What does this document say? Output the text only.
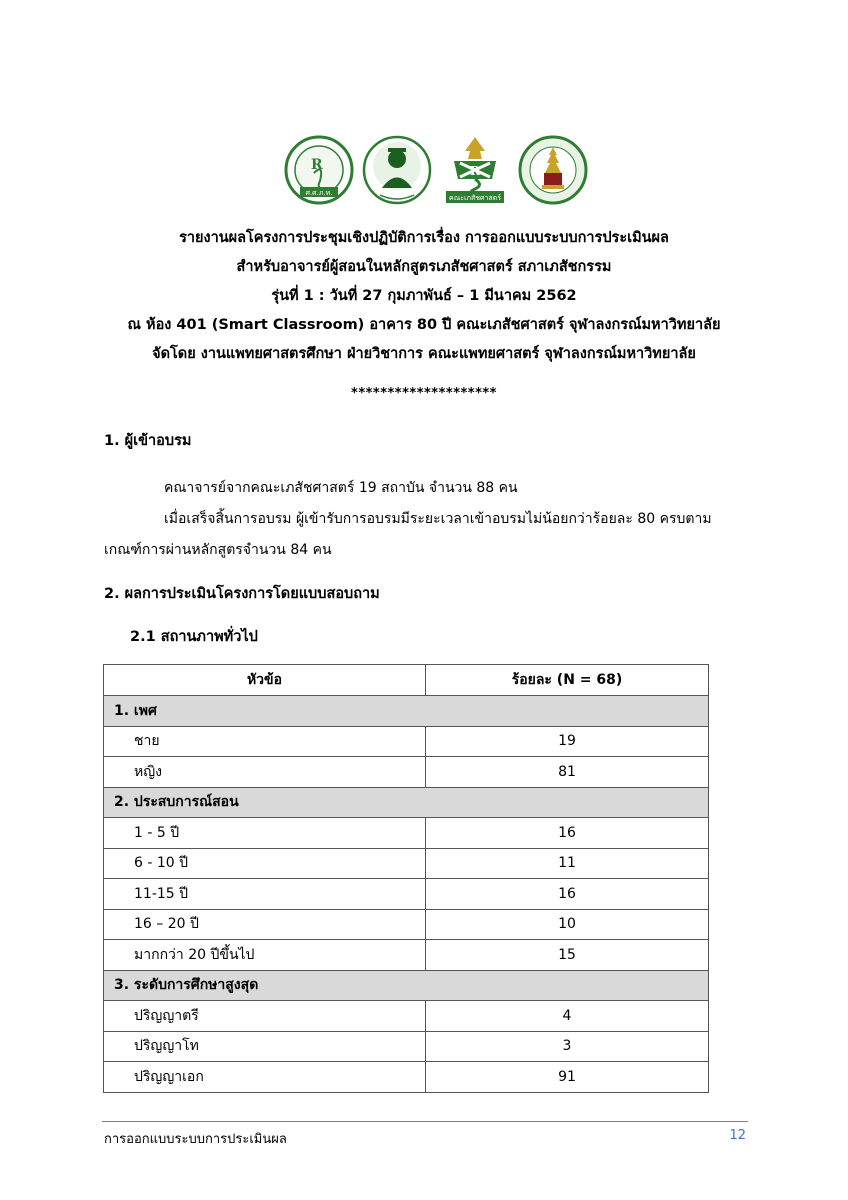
R
ศ.ศ.ภ.ท.
R
คณะเภสัชศาสตร์
รายงานผลโครงการประชุมเชิงปฏิบัติการเรื่อง การออกแบบระบบการประเมินผล
สำหรับอาจารย์ผู้สอนในหลักสูตรเภสัชศาสตร์ สภาเภสัชกรรม
รุ่นที่ 1 : วันที่ 27 กุมภาพันธ์ – 1 มีนาคม 2562
ณ ห้อง 401 (Smart Classroom) อาคาร 80 ปี คณะเภสัชศาสตร์ จุฬาลงกรณ์มหาวิทยาลัย
จัดโดย งานแพทยศาสตรศึกษา ฝ่ายวิชาการ คณะแพทยศาสตร์ จุฬาลงกรณ์มหาวิทยาลัย
********************
1. ผู้เข้าอบรม
คณาจารย์จากคณะเภสัชศาสตร์ 19 สถาบัน จำนวน 88 คน
เมื่อเสร็จสิ้นการอบรม ผู้เข้ารับการอบรมมีระยะเวลาเข้าอบรมไม่น้อยกว่าร้อยละ 80 ครบตาม
เกณฑ์การผ่านหลักสูตรจำนวน 84 คน
2. ผลการประเมินโครงการโดยแบบสอบถาม
2.1 สถานภาพทั่วไป
หัวข้อ	ร้อยละ (N = 68)
1. เพศ	
ชาย	19
หญิง	81
2. ประสบการณ์สอน	
1 - 5 ปี	16
6 - 10 ปี	11
11-15 ปี	16
16 – 20 ปี	10
มากกว่า 20 ปีขึ้นไป	15
3. ระดับการศึกษาสูงสุด	
ปริญญาตรี	4
ปริญญาโท	3
ปริญญาเอก	91
การออกแบบระบบการประเมินผล	12
